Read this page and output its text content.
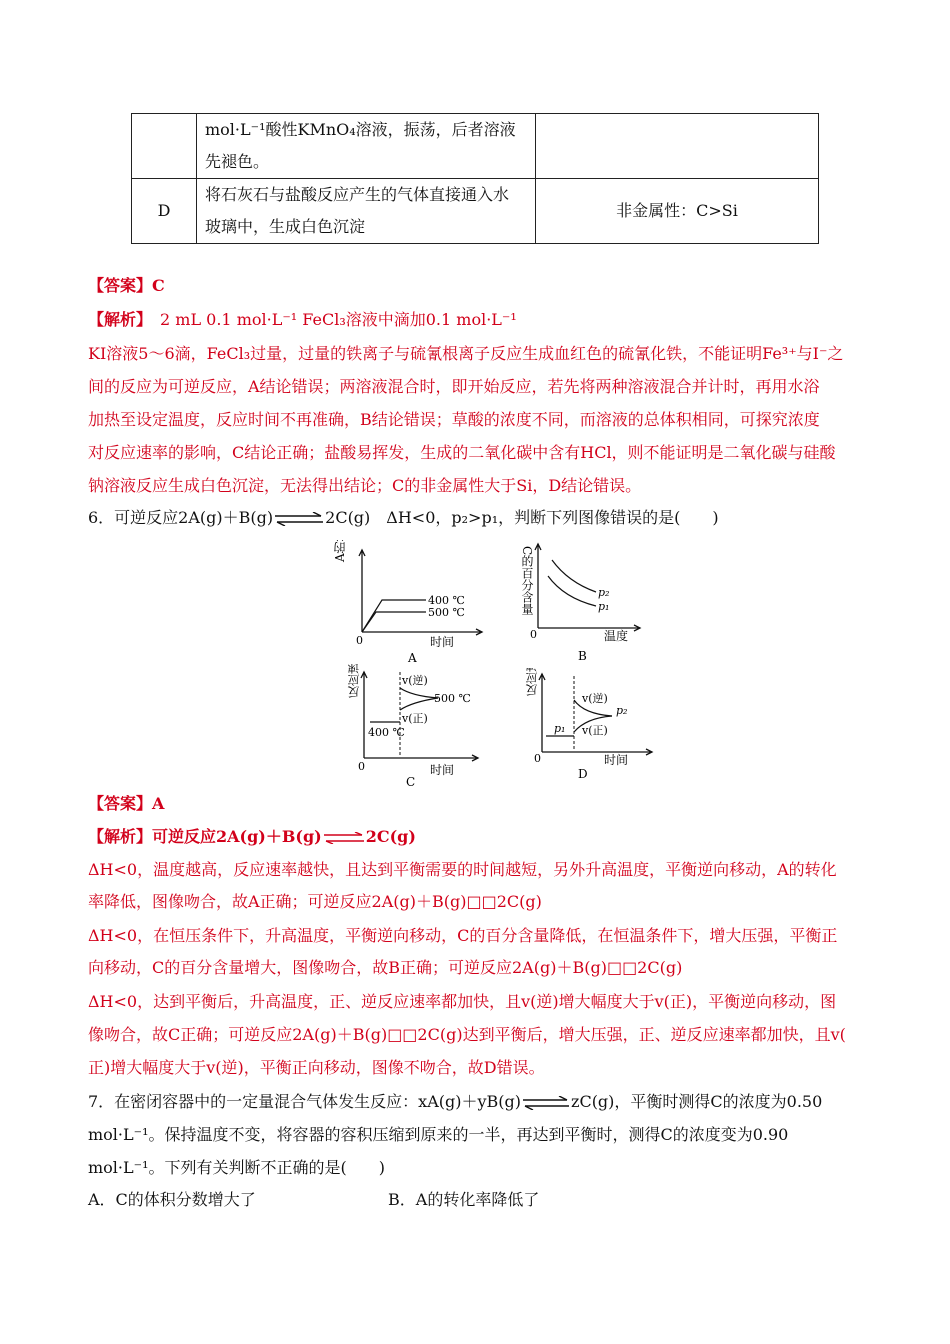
	mol·L⁻¹酸性KMnO₄溶液，振荡，后者溶液
先褪色。	

D	将石灰石与盐酸反应产生的气体直接通入水
玻璃中，生成白色沉淀	非金属性：C>Si
【答案】C
【解析】　2 mL 0.1 mol·L⁻¹ FeCl₃溶液中滴加0.1 mol·L⁻¹
KI溶液5～6滴，FeCl₃过量，过量的铁离子与硫氰根离子反应生成血红色的硫氰化铁，不能证明Fe³⁺与I⁻之
间的反应为可逆反应，A结论错误；两溶液混合时，即开始反应，若先将两种溶液混合并计时，再用水浴
加热至设定温度，反应时间不再准确，B结论错误；草酸的浓度不同，而溶液的总体积相同，可探究浓度
对反应速率的影响，C结论正确；盐酸易挥发，生成的二氧化碳中含有HCl，则不能证明是二氧化碳与硅酸
钠溶液反应生成白色沉淀，无法得出结论；C的非金属性大于Si，D结论错误。
6．可逆反应2A(g)＋B(g)⇌2C(g)　ΔH<0，p₂>p₁，判断下列图像错误的是(　　)
400 ℃
500 ℃
0	时间
A
C的百分含量	p₂
p₁
0	温度
B
反应速率	v(逆)
v(正)
500 ℃
400 ℃
0	时间
C
反应速率
v(逆)
v(正)
p₂
p₁
0	时间
D
【答案】A
【解析】可逆反应2A(g)＋B(g)⇌2C(g)
ΔH<0，温度越高，反应速率越快，且达到平衡需要的时间越短，另外升高温度，平衡逆向移动，A的转化
率降低，图像吻合，故A正确；可逆反应2A(g)＋B(g)□□2C(g)
ΔH<0，在恒压条件下，升高温度，平衡逆向移动，C的百分含量降低，在恒温条件下，增大压强，平衡正
向移动，C的百分含量增大，图像吻合，故B正确；可逆反应2A(g)＋B(g)□□2C(g)
ΔH<0，达到平衡后，升高温度，正、逆反应速率都加快，且v(逆)增大幅度大于v(正)，平衡逆向移动，图
像吻合，故C正确；可逆反应2A(g)＋B(g)□□2C(g)达到平衡后，增大压强，正、逆反应速率都加快，且v(
正)增大幅度大于v(逆)，平衡正向移动，图像不吻合，故D错误。
7．在密闭容器中的一定量混合气体发生反应：xA(g)＋yB(g)⇌zC(g)，平衡时测得C的浓度为0.50
mol·L⁻¹。保持温度不变，将容器的容积压缩到原来的一半，再达到平衡时，测得C的浓度变为0.90
mol·L⁻¹。下列有关判断不正确的是(　　)
A．C的体积分数增大了	B．A的转化率降低了
